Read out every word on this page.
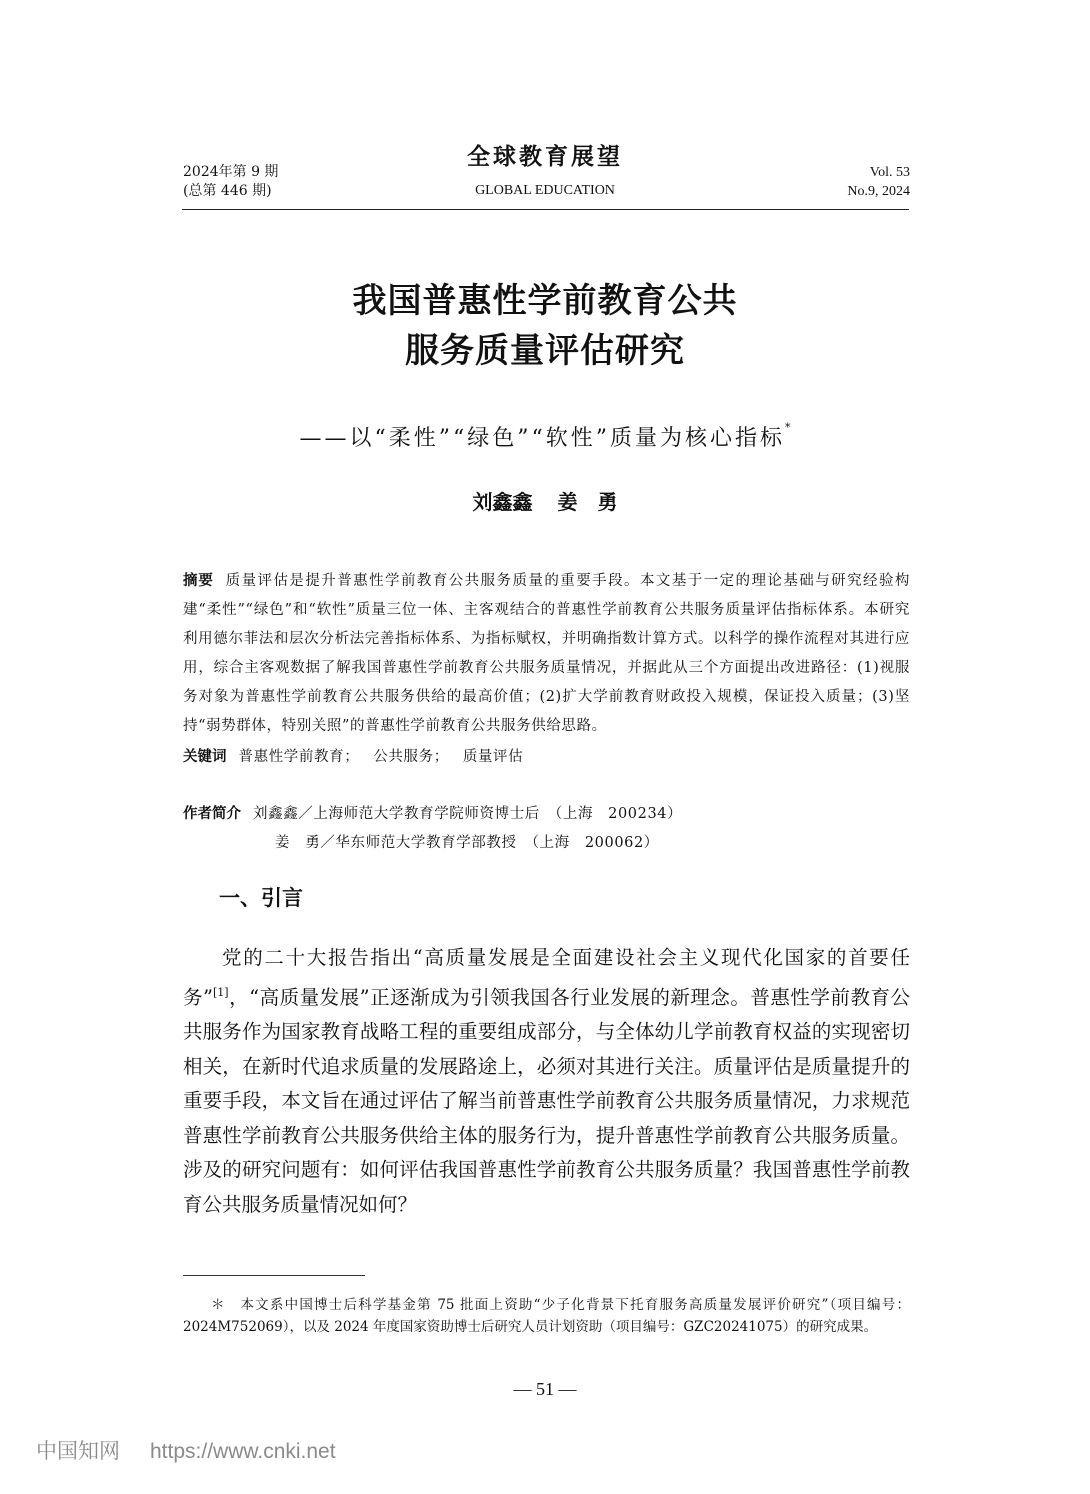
2024年第 9 期
(总第 446 期)
全球教育展望
GLOBAL EDUCATION
Vol. 53
No.9, 2024
我国普惠性学前教育公共
服务质量评估研究
——以“柔性”“绿色”“软性”质量为核心指标*
刘鑫鑫 姜　勇
摘要 质量评估是提升普惠性学前教育公共服务质量的重要手段。本文基于一定的理论基础与研究经验构建“柔性”“绿色”和“软性”质量三位一体、主客观结合的普惠性学前教育公共服务质量评估指标体系。本研究利用德尔菲法和层次分析法完善指标体系、为指标赋权，并明确指数计算方式。以科学的操作流程对其进行应用，综合主客观数据了解我国普惠性学前教育公共服务质量情况，并据此从三个方面提出改进路径：(1)视服务对象为普惠性学前教育公共服务供给的最高价值；(2)扩大学前教育财政投入规模，保证投入质量；(3)坚持“弱势群体，特别关照”的普惠性学前教育公共服务供给思路。
关键词 普惠性学前教育； 公共服务； 质量评估
作者简介 刘鑫鑫／上海师范大学教育学院师资博士后　（上海　200234）
姜　勇／华东师范大学教育学部教授　（上海　200062）
一、引言
党的二十大报告指出“高质量发展是全面建设社会主义现代化国家的首要任务”[1]，“高质量发展”正逐渐成为引领我国各行业发展的新理念。普惠性学前教育公共服务作为国家教育战略工程的重要组成部分，与全体幼儿学前教育权益的实现密切相关，在新时代追求质量的发展路途上，必须对其进行关注。质量评估是质量提升的重要手段，本文旨在通过评估了解当前普惠性学前教育公共服务质量情况，力求规范普惠性学前教育公共服务供给主体的服务行为，提升普惠性学前教育公共服务质量。涉及的研究问题有：如何评估我国普惠性学前教育公共服务质量？我国普惠性学前教育公共服务质量情况如何？
＊　本文系中国博士后科学基金第 75 批面上资助“少子化背景下托育服务高质量发展评价研究”（项目编号：2024M752069），以及 2024 年度国家资助博士后研究人员计划资助（项目编号：GZC20241075）的研究成果。
— 51 —
中国知网 https://www.cnki.net
